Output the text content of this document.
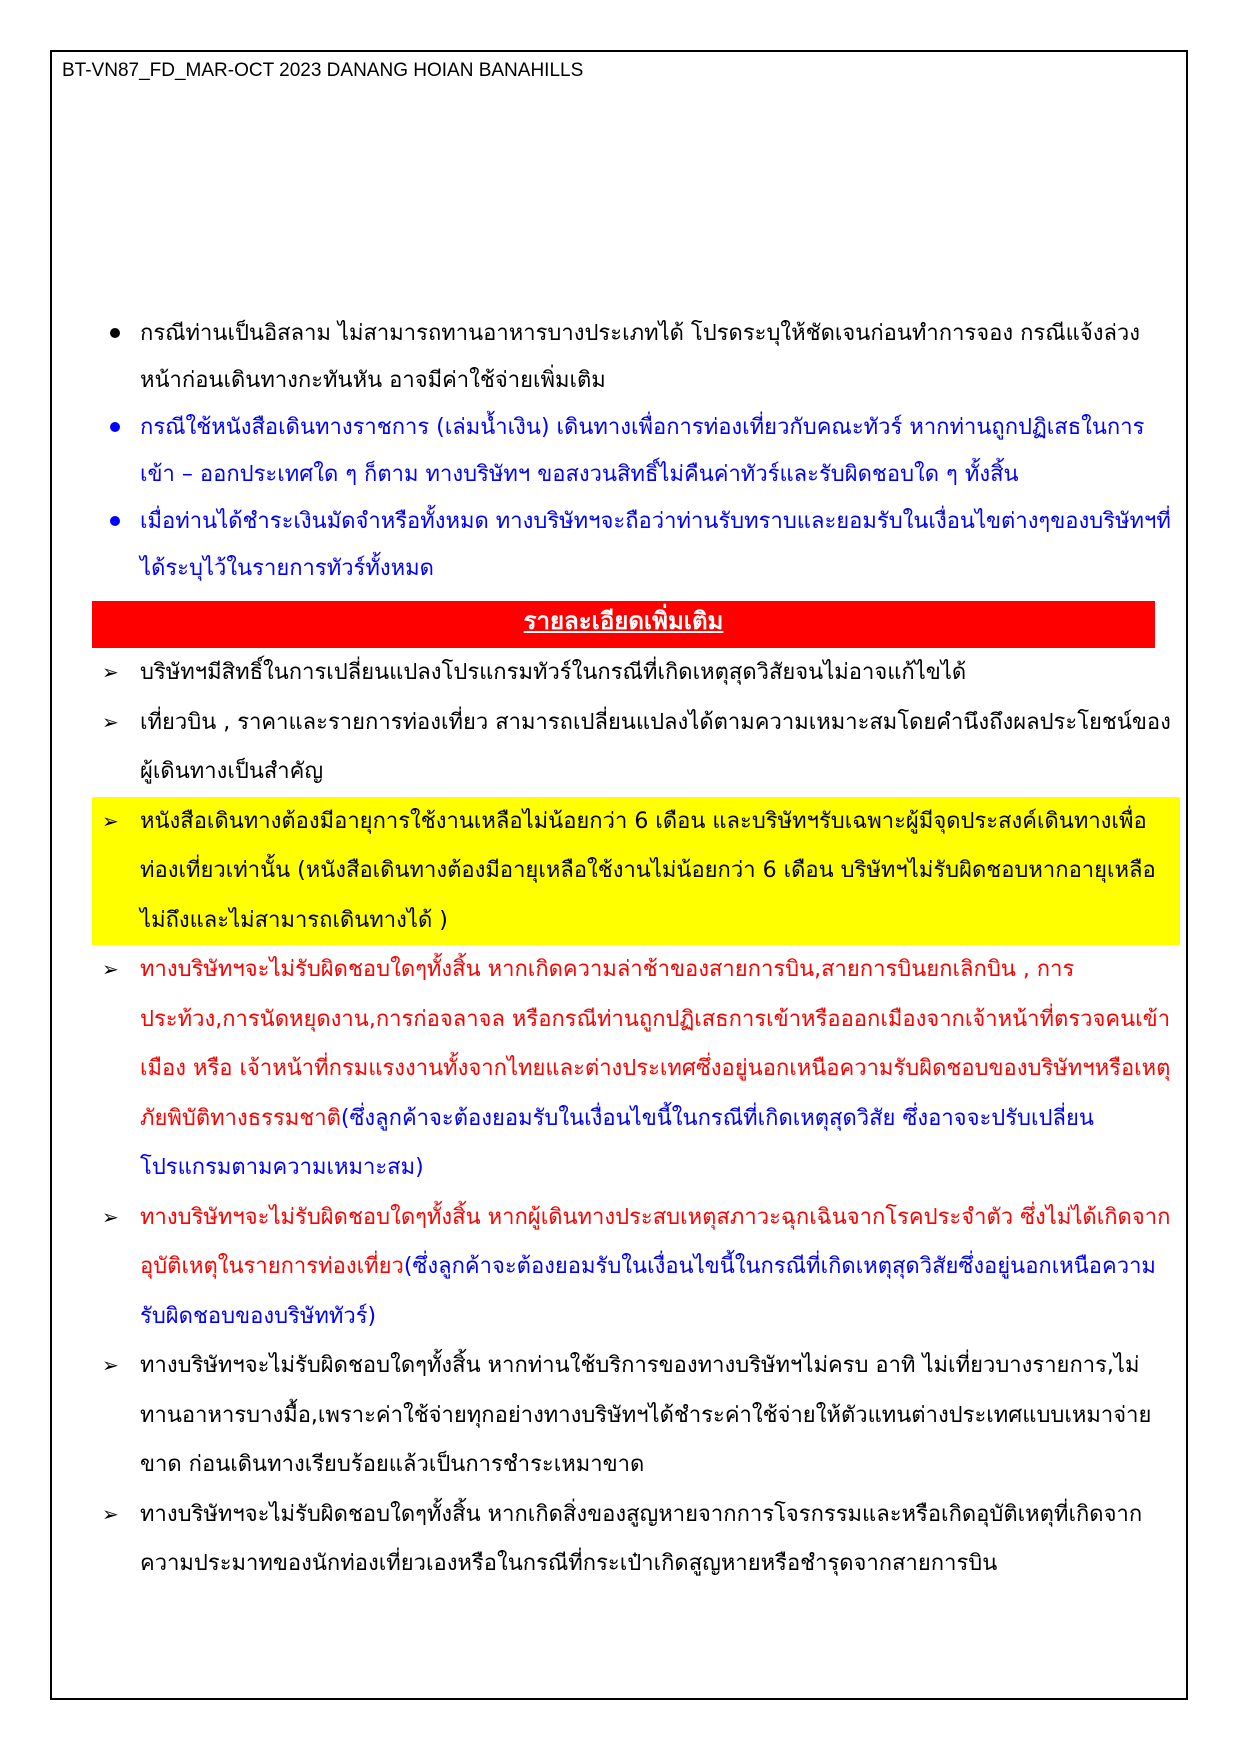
BT-VN87_FD_MAR-OCT 2023 DANANG HOIAN BANAHILLS
กรณีท่านเป็นอิสลาม ไม่สามารถทานอาหารบางประเภทได้ โปรดระบุให้ชัดเจนก่อนทำการจอง กรณีแจ้งล่วงหน้าก่อนเดินทางกะทันหัน อาจมีค่าใช้จ่ายเพิ่มเติม
กรณีใช้หนังสือเดินทางราชการ (เล่มน้ำเงิน) เดินทางเพื่อการท่องเที่ยวกับคณะทัวร์ หากท่านถูกปฏิเสธในการเข้า – ออกประเทศใด ๆ ก็ตาม ทางบริษัทฯ ขอสงวนสิทธิ์ไม่คืนค่าทัวร์และรับผิดชอบใด ๆ ทั้งสิ้น
เมื่อท่านได้ชำระเงินมัดจำหรือทั้งหมด ทางบริษัทฯจะถือว่าท่านรับทราบและยอมรับในเงื่อนไขต่างๆของบริษัทฯที่ได้ระบุไว้ในรายการทัวร์ทั้งหมด
รายละเอียดเพิ่มเติม
➢ บริษัทฯมีสิทธิ์ในการเปลี่ยนแปลงโปรแกรมทัวร์ในกรณีที่เกิดเหตุสุดวิสัยจนไม่อาจแก้ไขได้
➢ เที่ยวบิน , ราคาและรายการท่องเที่ยว สามารถเปลี่ยนแปลงได้ตามความเหมาะสมโดยคำนึงถึงผลประโยชน์ของผู้เดินทางเป็นสำคัญ
➢ หนังสือเดินทางต้องมีอายุการใช้งานเหลือไม่น้อยกว่า 6 เดือน และบริษัทฯรับเฉพาะผู้มีจุดประสงค์เดินทางเพื่อท่องเที่ยวเท่านั้น (หนังสือเดินทางต้องมีอายุเหลือใช้งานไม่น้อยกว่า 6 เดือน บริษัทฯไม่รับผิดชอบหากอายุเหลือไม่ถึงและไม่สามารถเดินทางได้ )
➢ ทางบริษัทฯจะไม่รับผิดชอบใดๆทั้งสิ้น หากเกิดความล่าช้าของสายการบิน,สายการบินยกเลิกบิน , การประท้วง,การนัดหยุดงาน,การก่อจลาจล หรือกรณีท่านถูกปฏิเสธการเข้าหรือออกเมืองจากเจ้าหน้าที่ตรวจคนเข้าเมือง หรือ เจ้าหน้าที่กรมแรงงานทั้งจากไทยและต่างประเทศซึ่งอยู่นอกเหนือความรับผิดชอบของบริษัทฯหรือเหตุภัยพิบัติทางธรรมชาติ(ซึ่งลูกค้าจะต้องยอมรับในเงื่อนไขนี้ในกรณีที่เกิดเหตุสุดวิสัย ซึ่งอาจจะปรับเปลี่ยนโปรแกรมตามความเหมาะสม)
➢ ทางบริษัทฯจะไม่รับผิดชอบใดๆทั้งสิ้น หากผู้เดินทางประสบเหตุสภาวะฉุกเฉินจากโรคประจำตัว ซึ่งไม่ได้เกิดจากอุบัติเหตุในรายการท่องเที่ยว(ซึ่งลูกค้าจะต้องยอมรับในเงื่อนไขนี้ในกรณีที่เกิดเหตุสุดวิสัยซึ่งอยู่นอกเหนือความรับผิดชอบของบริษัททัวร์)
➢ ทางบริษัทฯจะไม่รับผิดชอบใดๆทั้งสิ้น หากท่านใช้บริการของทางบริษัทฯไม่ครบ อาทิ ไม่เที่ยวบางรายการ,ไม่ทานอาหารบางมื้อ,เพราะค่าใช้จ่ายทุกอย่างทางบริษัทฯได้ชำระค่าใช้จ่ายให้ตัวแทนต่างประเทศแบบเหมาจ่ายขาด ก่อนเดินทางเรียบร้อยแล้วเป็นการชำระเหมาขาด
➢ ทางบริษัทฯจะไม่รับผิดชอบใดๆทั้งสิ้น หากเกิดสิ่งของสูญหายจากการโจรกรรมและหรือเกิดอุบัติเหตุที่เกิดจากความประมาทของนักท่องเที่ยวเองหรือในกรณีที่กระเป๋าเกิดสูญหายหรือชำรุดจากสายการบิน
